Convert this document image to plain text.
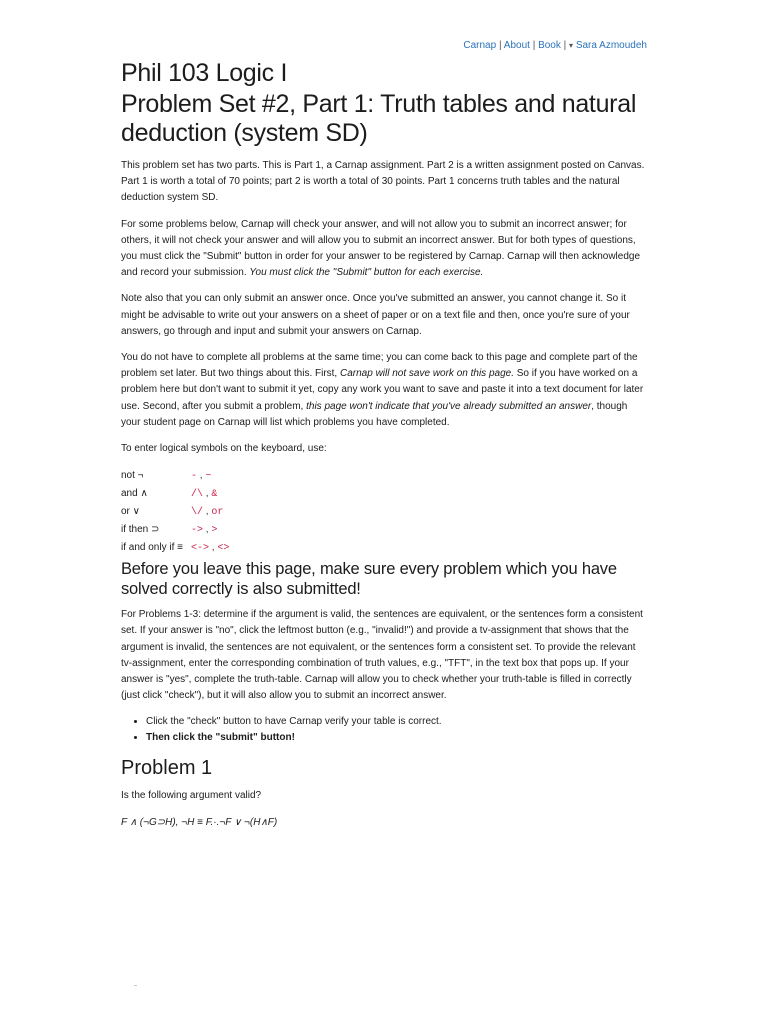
Carnap | About | Book | ▾ Sara Azmoudeh
Phil 103 Logic I
Problem Set #2, Part 1: Truth tables and natural deduction (system SD)

This problem set has two parts. This is Part 1, a Carnap assignment. Part 2 is a written assignment posted on Canvas. Part 1 is worth a total of 70 points; part 2 is worth a total of 30 points. Part 1 concerns truth tables and the natural deduction system SD.

For some problems below, Carnap will check your answer, and will not allow you to submit an incorrect answer; for others, it will not check your answer and will allow you to submit an incorrect answer. But for both types of questions, you must click the "Submit" button in order for your answer to be registered by Carnap. Carnap will then acknowledge and record your submission. You must click the "Submit" button for each exercise.

Note also that you can only submit an answer once. Once you've submitted an answer, you cannot change it. So it might be advisable to write out your answers on a sheet of paper or on a text file and then, once you're sure of your answers, go through and input and submit your answers on Carnap.

You do not have to complete all problems at the same time; you can come back to this page and complete part of the problem set later. But two things about this. First, Carnap will not save work on this page. So if you have worked on a problem here but don't want to submit it yet, copy any work you want to save and paste it into a text document for later use. Second, after you submit a problem, this page won't indicate that you've already submitted an answer, though your student page on Carnap will list which problems you have completed.

To enter logical symbols on the keyboard, use:

not ¬	- , ~
and ∧	/\ , &
or ∨	\/ , or
if then ⊃	-> , >
if and only if ≡	<-> , <>
Before you leave this page, make sure every problem which you have solved correctly is also submitted!

For Problems 1-3: determine if the argument is valid, the sentences are equivalent, or the sentences form a consistent set. If your answer is "no", click the leftmost button (e.g., "invalid!") and provide a tv-assignment that shows that the argument is invalid, the sentences are not equivalent, or the sentences form a consistent set. To provide the relevant tv-assignment, enter the corresponding combination of truth values, e.g., "TFT", in the text box that pops up. If your answer is "yes", complete the truth-table. Carnap will allow you to check whether your truth-table is filled in correctly (just click "check"), but it will also allow you to submit an incorrect answer.

• Click the "check" button to have Carnap verify your table is correct.
• Then click the "submit" button!
Problem 1

Is the following argument valid?

F ∧ (¬G⊃H), ¬H ≡ F.·.¬F ∨ ¬(H∧F)
